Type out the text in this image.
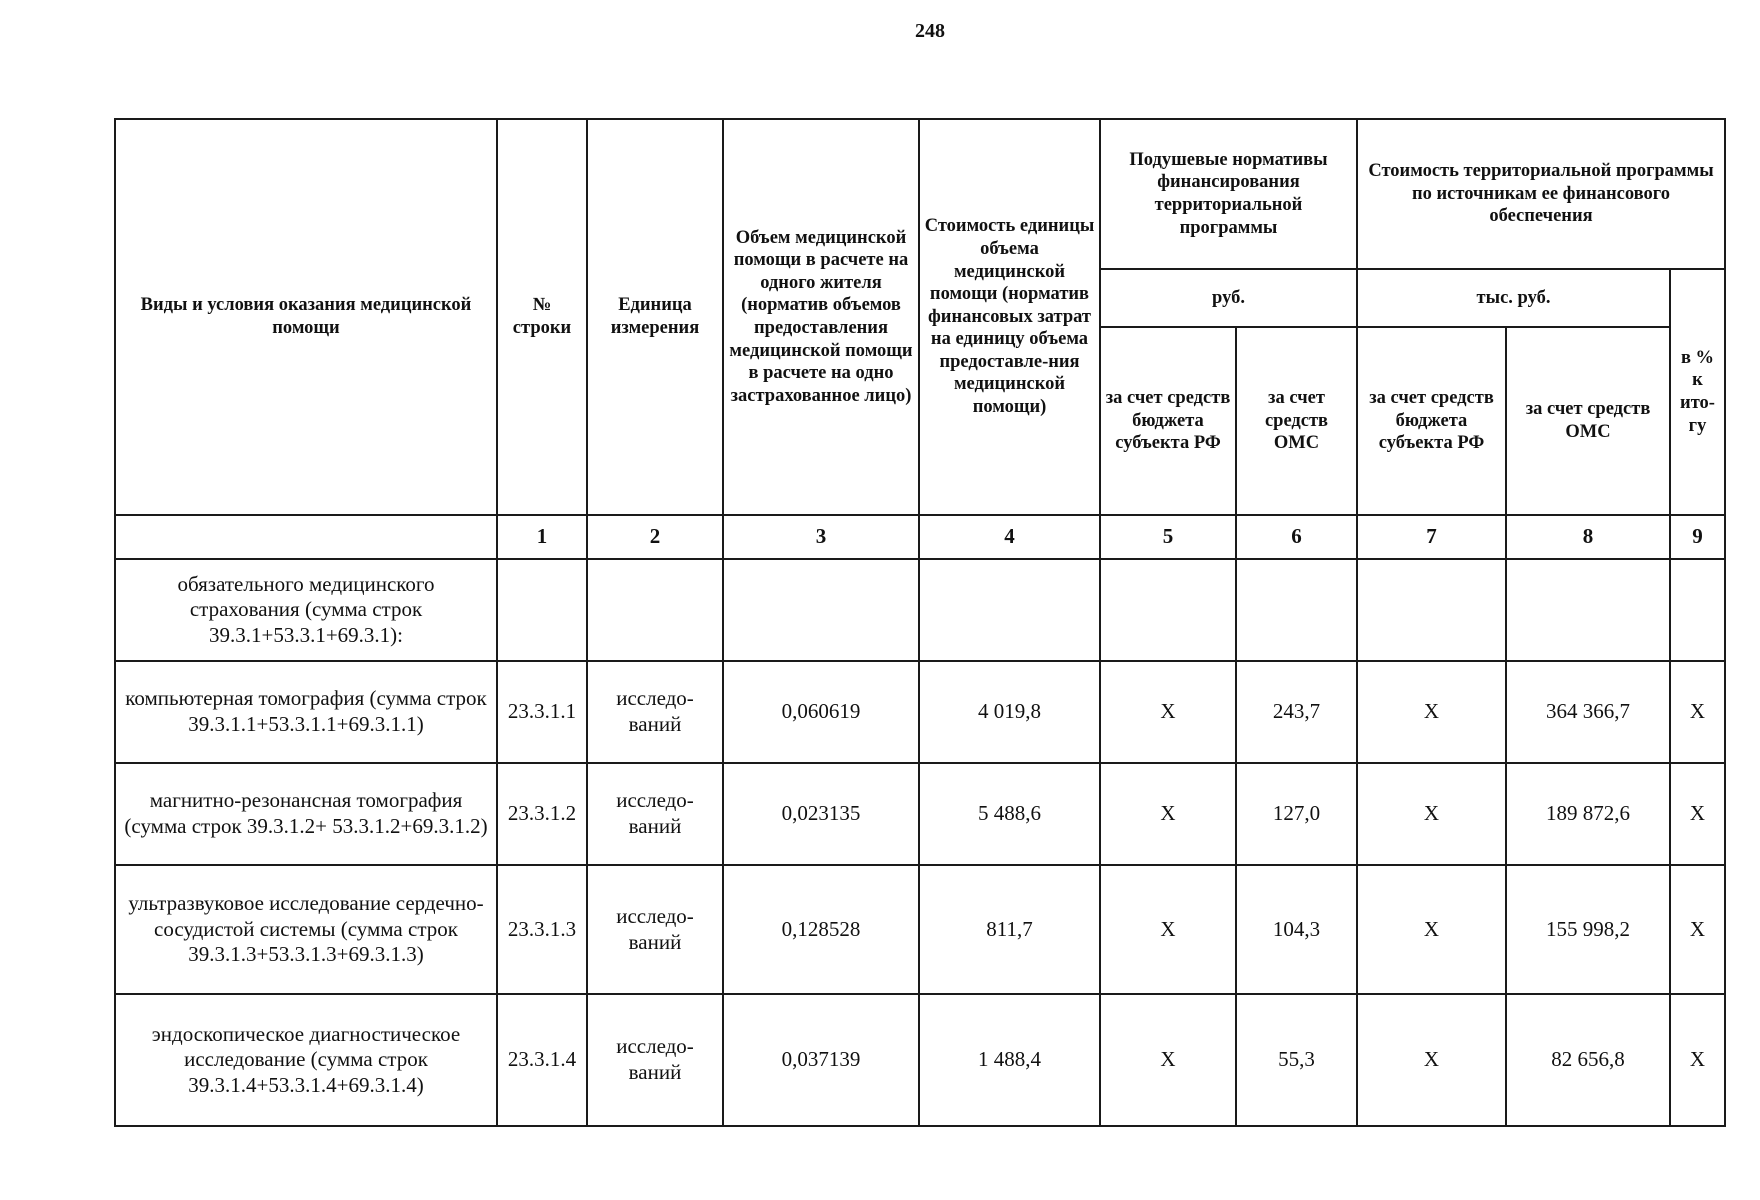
248
Виды и условия оказания медицинской помощи	№ строки	Единица измерения	Объем медицинской помощи в расчете на одного жителя (норматив объемов предоставления медицинской помощи в расчете на одно застрахованное лицо)	Стоимость единицы объема медицинской помощи (норматив финансовых затрат на единицу объема предоставле-ния медицинской помощи)	Подушевые нормативы финансирования территориальной программы		Стоимость территориальной программы по источникам ее финансового обеспечения		
					руб.		тыс. руб.		в % к ито-гу
					за счет средств бюджета субъекта РФ	за счет средств ОМС	за счет средств бюджета субъекта РФ	за счет средств ОМС	
	1	2	3	4	5	6	7	8	9
обязательного медицинского страхования (сумма строк 39.3.1+53.3.1+69.3.1):									
компьютерная томография (сумма строк 39.3.1.1+53.3.1.1+69.3.1.1)	23.3.1.1	исследо-ваний	0,060619	4 019,8	Х	243,7	Х	364 366,7	Х
магнитно-резонансная томография (сумма строк 39.3.1.2+ 53.3.1.2+69.3.1.2)	23.3.1.2	исследо-ваний	0,023135	5 488,6	Х	127,0	Х	189 872,6	Х
ультразвуковое исследование сердечно-сосудистой системы (сумма строк 39.3.1.3+53.3.1.3+69.3.1.3)	23.3.1.3	исследо-ваний	0,128528	811,7	Х	104,3	Х	155 998,2	Х
эндоскопическое диагностическое исследование (сумма строк 39.3.1.4+53.3.1.4+69.3.1.4)	23.3.1.4	исследо-ваний	0,037139	1 488,4	Х	55,3	Х	82 656,8	Х
